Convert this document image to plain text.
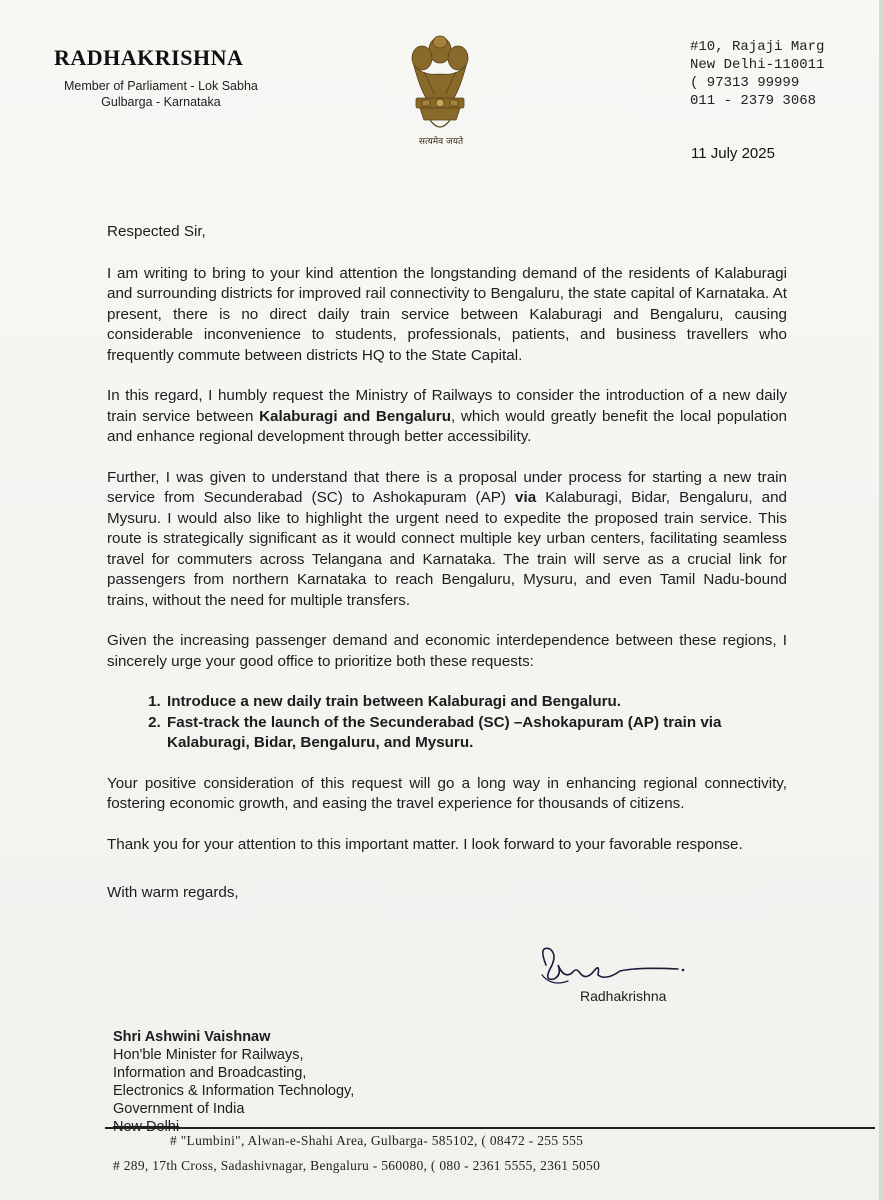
RADHAKRISHNA
Member of Parliament - Lok Sabha
Gulbarga - Karnataka
सत्यमेव जयते
#10, Rajaji Marg
New Delhi-110011
( 97313 99999
011 - 2379 3068
11 July 2025

Respected Sir,

I am writing to bring to your kind attention the longstanding demand of the residents of Kalaburagi and surrounding districts for improved rail connectivity to Bengaluru, the state capital of Karnataka. At present, there is no direct daily train service between Kalaburagi and Bengaluru, causing considerable inconvenience to students, professionals, patients, and business travellers who frequently commute between districts HQ to the State Capital.

In this regard, I humbly request the Ministry of Railways to consider the introduction of a new daily train service between Kalaburagi and Bengaluru, which would greatly benefit the local population and enhance regional development through better accessibility.

Further, I was given to understand that there is a proposal under process for starting a new train service from Secunderabad (SC) to Ashokapuram (AP) via Kalaburagi, Bidar, Bengaluru, and Mysuru. I would also like to highlight the urgent need to expedite the proposed train service. This route is strategically significant as it would connect multiple key urban centers, facilitating seamless travel for commuters across Telangana and Karnataka. The train will serve as a crucial link for passengers from northern Karnataka to reach Bengaluru, Mysuru, and even Tamil Nadu-bound trains, without the need for multiple transfers.

Given the increasing passenger demand and economic interdependence between these regions, I sincerely urge your good office to prioritize both these requests:

1. Introduce a new daily train between Kalaburagi and Bengaluru.
2. Fast-track the launch of the Secunderabad (SC) –Ashokapuram (AP) train via Kalaburagi, Bidar, Bengaluru, and Mysuru.

Your positive consideration of this request will go a long way in enhancing regional connectivity, fostering economic growth, and easing the travel experience for thousands of citizens.

Thank you for your attention to this important matter. I look forward to your favorable response.

With warm regards,

Radhakrishna
Shri Ashwini Vaishnaw
Hon'ble Minister for Railways,
Information and Broadcasting,
Electronics & Information Technology,
Government of India
New Delhi
# "Lumbini", Alwan-e-Shahi Area, Gulbarga- 585102, ( 08472 - 255 555
# 289, 17th Cross, Sadashivnagar, Bengaluru - 560080, ( 080 - 2361 5555, 2361 5050
